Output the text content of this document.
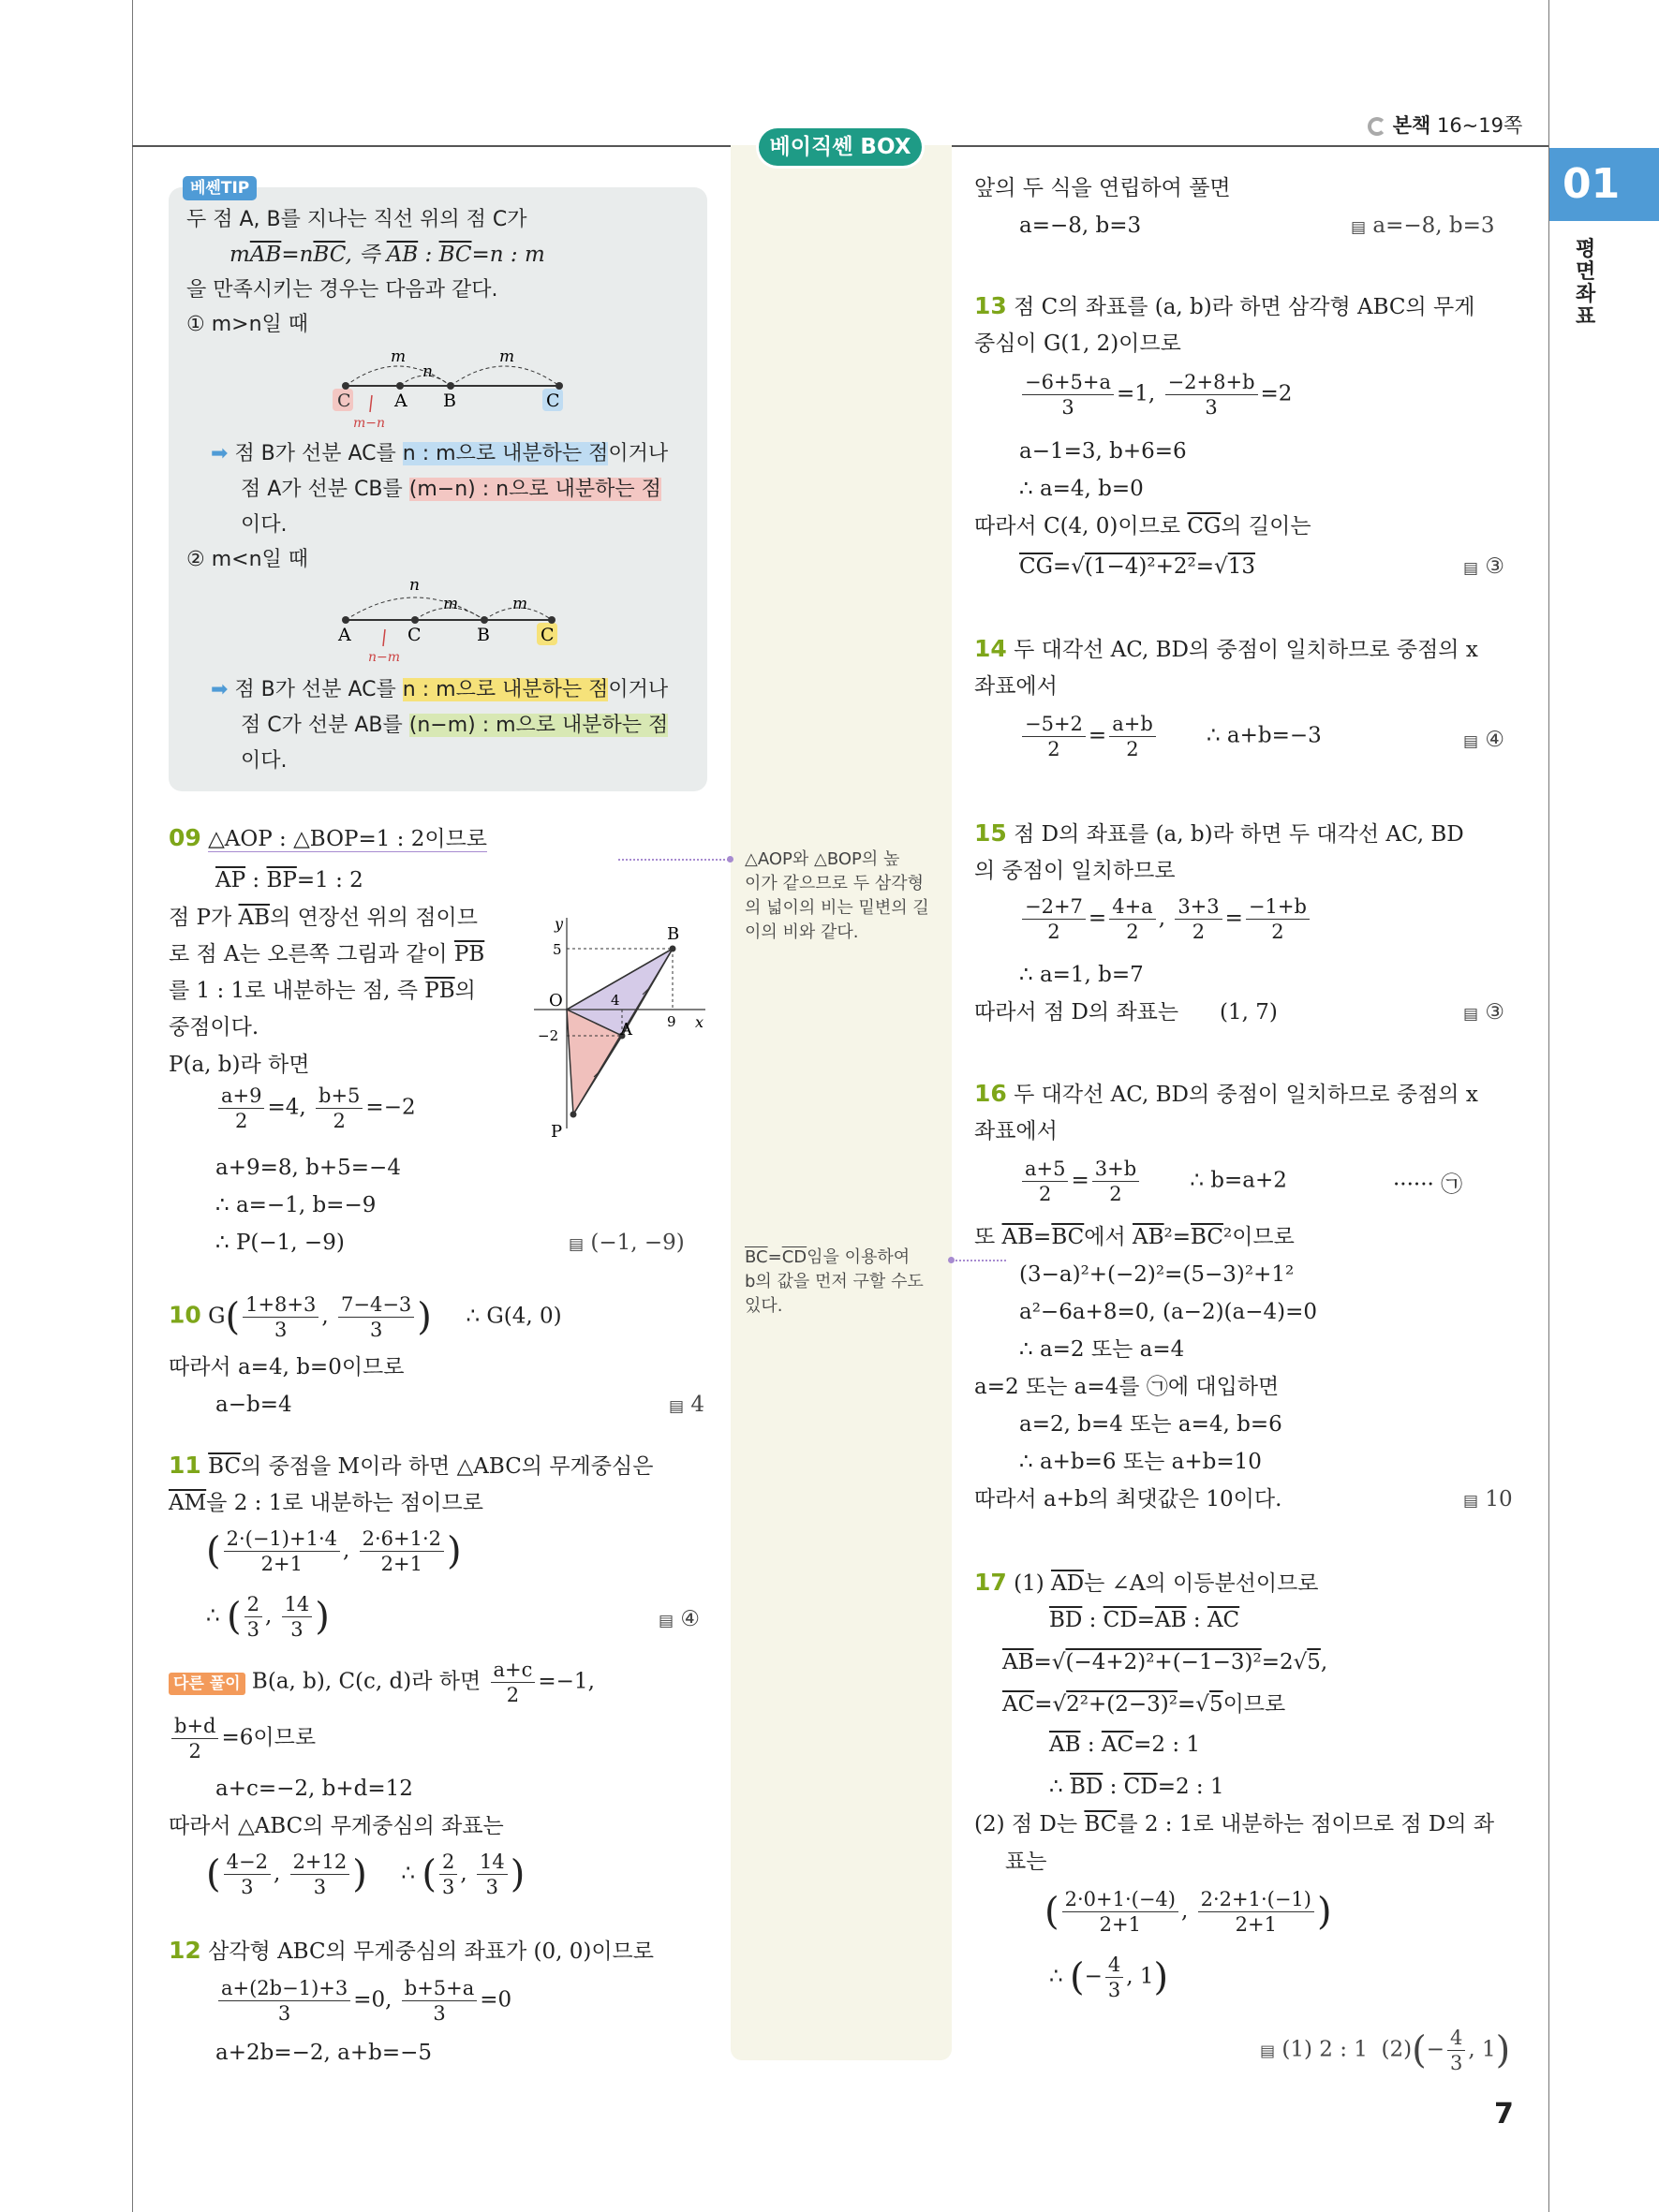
본책 16~19쪽
01
평
면
좌
표
베이직쎈 BOX
베쎈TIP
두 점 A, B를 지나는 직선 위의 점 C가
$m\overline{AB}=n\overline{BC}$, 즉 $\overline{AB}$ : $\overline{BC}=n$ : m
을 만족시키는 경우는 다음과 같다.
① m>n일 때
m
n
m
C A B	C
m−n
➡ 점 B가 선분 AC를 n : m으로 내분하는 점이거나
점 A가 선분 CB를 (m−n) : n으로 내분하는 점
이다.
② m<n일 때
n
m	m
A	C	B	C
n−m
➡ 점 B가 선분 AC를 n : m으로 내분하는 점이거나
점 C가 선분 AB를 (n−m) : m으로 내분하는 점
이다.
09 △AOP : △BOP=1 : 2이므로
$\overline{AP}$ : $\overline{BP}=1$ : 2
점 P가 $\overline{AB}$의 연장선 위의 점이므
로 점 A는 오른쪽 그림과 같이 $\overline{PB}$
를 1 : 1로 내분하는 점, 즉 $\overline{PB}$의
중점이다.
P(a, b)라 하면
$\frac{a+9}{2} =4$, $\frac{b+5}{2} =-2$
a+9=8, b+5=−4
∴ a=−1, b=−9
∴ P(−1, −9)	▤ (−1, −9)
y
x
O
B
A
P
5
9
−2
4
10 $G( \frac{1+8+3}{3}$ , $\frac{7-4-3}{3}$ ) ∴ G(4, 0)
따라서 a=4, b=0이므로
a−b=4	▤ 4
11 $\overline{BC}$의 중점을 M이라 하면 △ABC의 무게중심은
$\overline{AM}$을 2 : 1로 내분하는 점이므로
( $\frac{2\cdot(-1)+1\cdot 4}{2+1}$ , $\frac{2\cdot 6+1\cdot 2}{2+1}$ )
∴ ( $\frac{2}{3}$ , $\frac{14}{3}$ )	▤ ④
다른 풀이 B(a, b), C(c, d)라 하면 $\frac{a+c}{2} =-1$,
$\frac{b+d}{2} =6$이므로
a+c=−2, b+d=12
따라서 △ABC의 무게중심의 좌표는
( $\frac{4-2}{3}$ , $\frac{2+12}{3}$ ) ∴ ( $\frac{2}{3}$ , $\frac{14}{3}$ )
12 삼각형 ABC의 무게중심의 좌표가 (0, 0)이므로
$\frac{a+(2b-1)+3}{3} =0$, $\frac{b+5+a}{3} =0$
a+2b=−2, a+b=−5
△AOP와 △BOP의 높
이가 같으므로 두 삼각형
의 넓이의 비는 밑변의 길
이의 비와 같다.
$\overline{BC}=\overline{CD}$임을 이용하여
b의 값을 먼저 구할 수도
있다.
앞의 두 식을 연립하여 풀면
a=−8, b=3	▤ a=−8, b=3
13 점 C의 좌표를 (a, b)라 하면 삼각형 ABC의 무게
중심이 G(1, 2)이므로
$\frac{-6+5+a}{3} =1$, $\frac{-2+8+b}{3} =2$
a−1=3, b+6=6
∴ a=4, b=0
따라서 C(4, 0)이므로 $\overline{CG}$의 길이는
$\overline{CG}=√(1-4)^2+2^2=√13$	▤ ③
14 두 대각선 AC, BD의 중점이 일치하므로 중점의 x
좌표에서
$\frac{-5+2}{2} = \frac{a+b}{2}$ ∴ a+b=−3	▤ ④
15 점 D의 좌표를 (a, b)라 하면 두 대각선 AC, BD
의 중점이 일치하므로
$\frac{-2+7}{2} = \frac{4+a}{2}$ , $\frac{3+3}{2} = \frac{-1+b}{2}$
∴ a=1, b=7
따라서 점 D의 좌표는 (1, 7)	▤ ③
16 두 대각선 AC, BD의 중점이 일치하므로 중점의 x
좌표에서
$\frac{a+5}{2} = \frac{3+b}{2}$ ∴ b=a+2	······ ㉠
또 $\overline{AB}=\overline{BC}$에서 $\overline{AB}^2=\overline{BC}^2$이므로
(3−a)²+(−2)²=(5−3)²+1²
a²−6a+8=0, (a−2)(a−4)=0
∴ a=2 또는 a=4
a=2 또는 a=4를 ㉠에 대입하면
a=2, b=4 또는 a=4, b=6
∴ a+b=6 또는 a+b=10
따라서 a+b의 최댓값은 10이다.	▤ 10
17 (1) $\overline{AD}$는 ∠A의 이등분선이므로
$\overline{BD}$ : $\overline{CD}=\overline{AB}$ : $\overline{AC}$
$\overline{AB}=√(-4+2)^2+(-1-3)^2=2√5$,
$\overline{AC}=√2^2+(2-3)^2=√5$이므로
$\overline{AB}$ : $\overline{AC}=2$ : 1
∴ $\overline{BD}$ : $\overline{CD}=2$ : 1
(2) 점 D는 $\overline{BC}$를 2 : 1로 내분하는 점이므로 점 D의 좌
표는
( $\frac{2\cdot 0+1\cdot(-4)}{2+1}$ , $\frac{2\cdot 2+1\cdot(-1)}{2+1}$ )
∴ (− $\frac{4}{3}$ , 1)
▤ (1) 2 : 1 $(2)(- \frac{4}{3}$ , 1)
7
